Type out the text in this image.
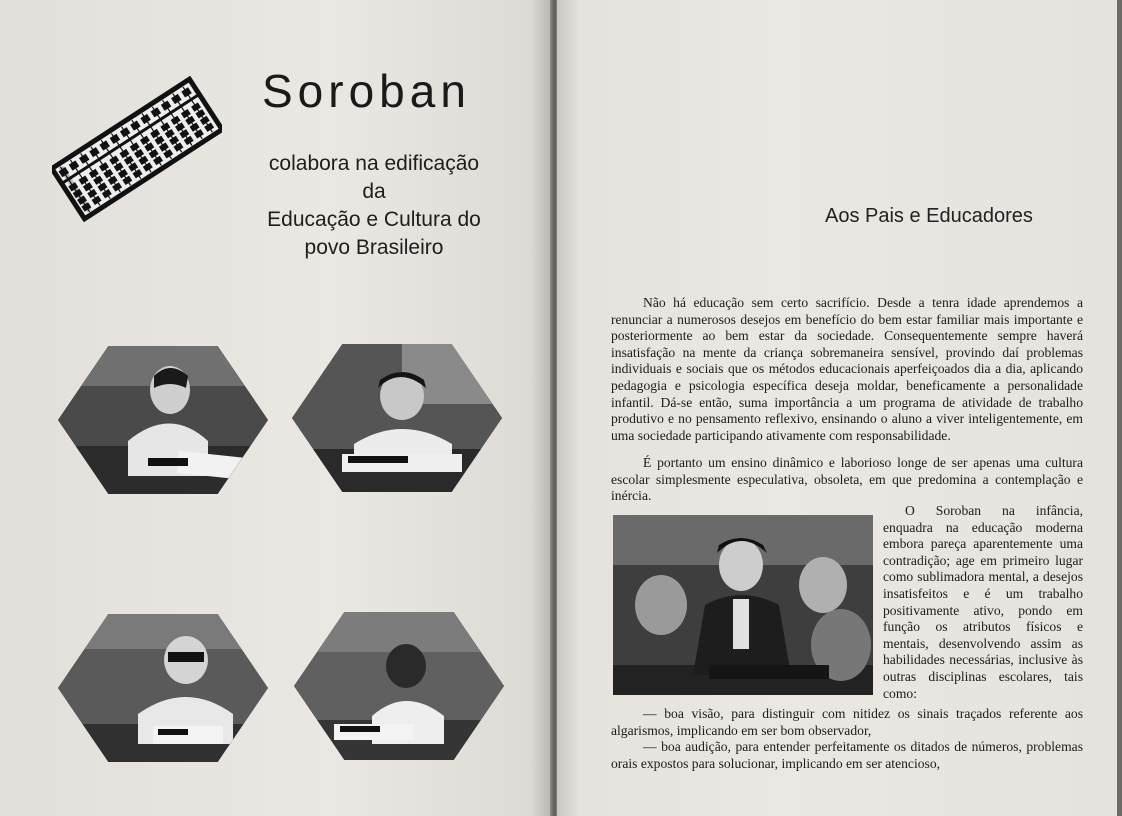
Soroban
colabora na edificação
da
Educação e Cultura do
povo Brasileiro
Aos Pais e Educadores

Não há educação sem certo sacrifício. Desde a tenra idade aprendemos a renunciar a numerosos desejos em benefício do bem estar familiar mais importante e posteriormente ao bem estar da sociedade. Consequentemente sempre haverá insatisfação na mente da criança sobremaneira sensível, provindo daí problemas individuais e sociais que os métodos educacionais aperfeiçoados dia a dia, aplicando pedagogia e psicologia específica deseja moldar, beneficamente a personalidade infantil. Dá-se então, suma importância a um programa de atividade de trabalho produtivo e no pensamento reflexivo, ensinando o aluno a viver inteligentemente, em uma sociedade participando ativamente com responsabilidade.

É portanto um ensino dinâmico e laborioso longe de ser apenas uma cultura escolar simplesmente especulativa, obsoleta, em que predomina a contemplação e inércia.

O Soroban na infância, enquadra na educação moderna embora pareça aparentemente uma contradição; age em primeiro lugar como sublimadora mental, a desejos insatisfeitos e é um trabalho positivamente ativo, pondo em função os atributos físicos e mentais, desenvolvendo assim as habilidades necessárias, inclusive às outras disciplinas escolares, tais como:

— boa visão, para distinguir com nitidez os sinais traçados referente aos algarismos, implicando em ser bom observador,

— boa audição, para entender perfeitamente os ditados de números, problemas orais expostos para solucionar, implicando em ser atencioso,
